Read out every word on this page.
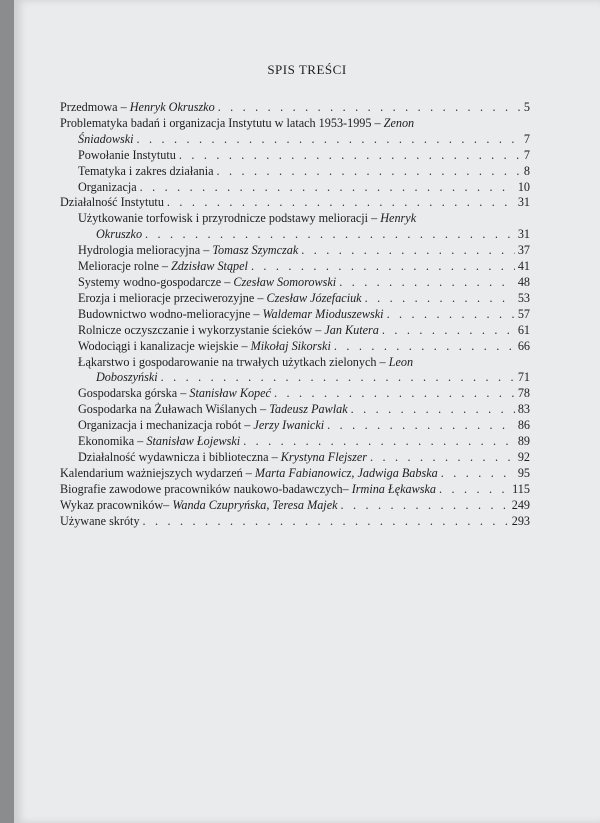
SPIS TREŚCI
Przedmowa – Henryk Okruszko . . .	5
Problematyka badań i organizacja Instytutu w latach 1953-1995 – Zenon
Śniadowski . . .	7
Powołanie Instytutu . . .	7
Tematyka i zakres działania . . .	8
Organizacja . . .	10
Działalność Instytutu . . .	31
Użytkowanie torfowisk i przyrodnicze podstawy melioracji – Henryk
Okruszko . . .	31
Hydrologia melioracyjna – Tomasz Szymczak . . .	37
Melioracje rolne – Zdzisław Stąpel . . .	41
Systemy wodno-gospodarcze – Czesław Somorowski . . .	48
Erozja i melioracje przeciwerozyjne – Czesław Józefaciuk . . .	53
Budownictwo wodno-melioracyjne – Waldemar Mioduszewski . . .	57
Rolnicze oczyszczanie i wykorzystanie ścieków – Jan Kutera . . .	61
Wodociągi i kanalizacje wiejskie – Mikołaj Sikorski . . .	66
Łąkarstwo i gospodarowanie na trwałych użytkach zielonych – Leon
Doboszyński . . .	71
Gospodarska górska – Stanisław Kopeć . . .	78
Gospodarka na Żuławach Wiślanych – Tadeusz Pawlak . . .	83
Organizacja i mechanizacja robót – Jerzy Iwanicki . . .	86
Ekonomika – Stanisław Łojewski . . .	89
Działalność wydawnicza i biblioteczna – Krystyna Flejszer . . .	92
Kalendarium ważniejszych wydarzeń – Marta Fabianowicz, Jadwiga Babska . . .	95
Biografie zawodowe pracowników naukowo-badawczych– Irmina Łękawska . . .	115
Wykaz pracowników– Wanda Czupryńska, Teresa Majek . . .	249
Używane skróty . . .	293
